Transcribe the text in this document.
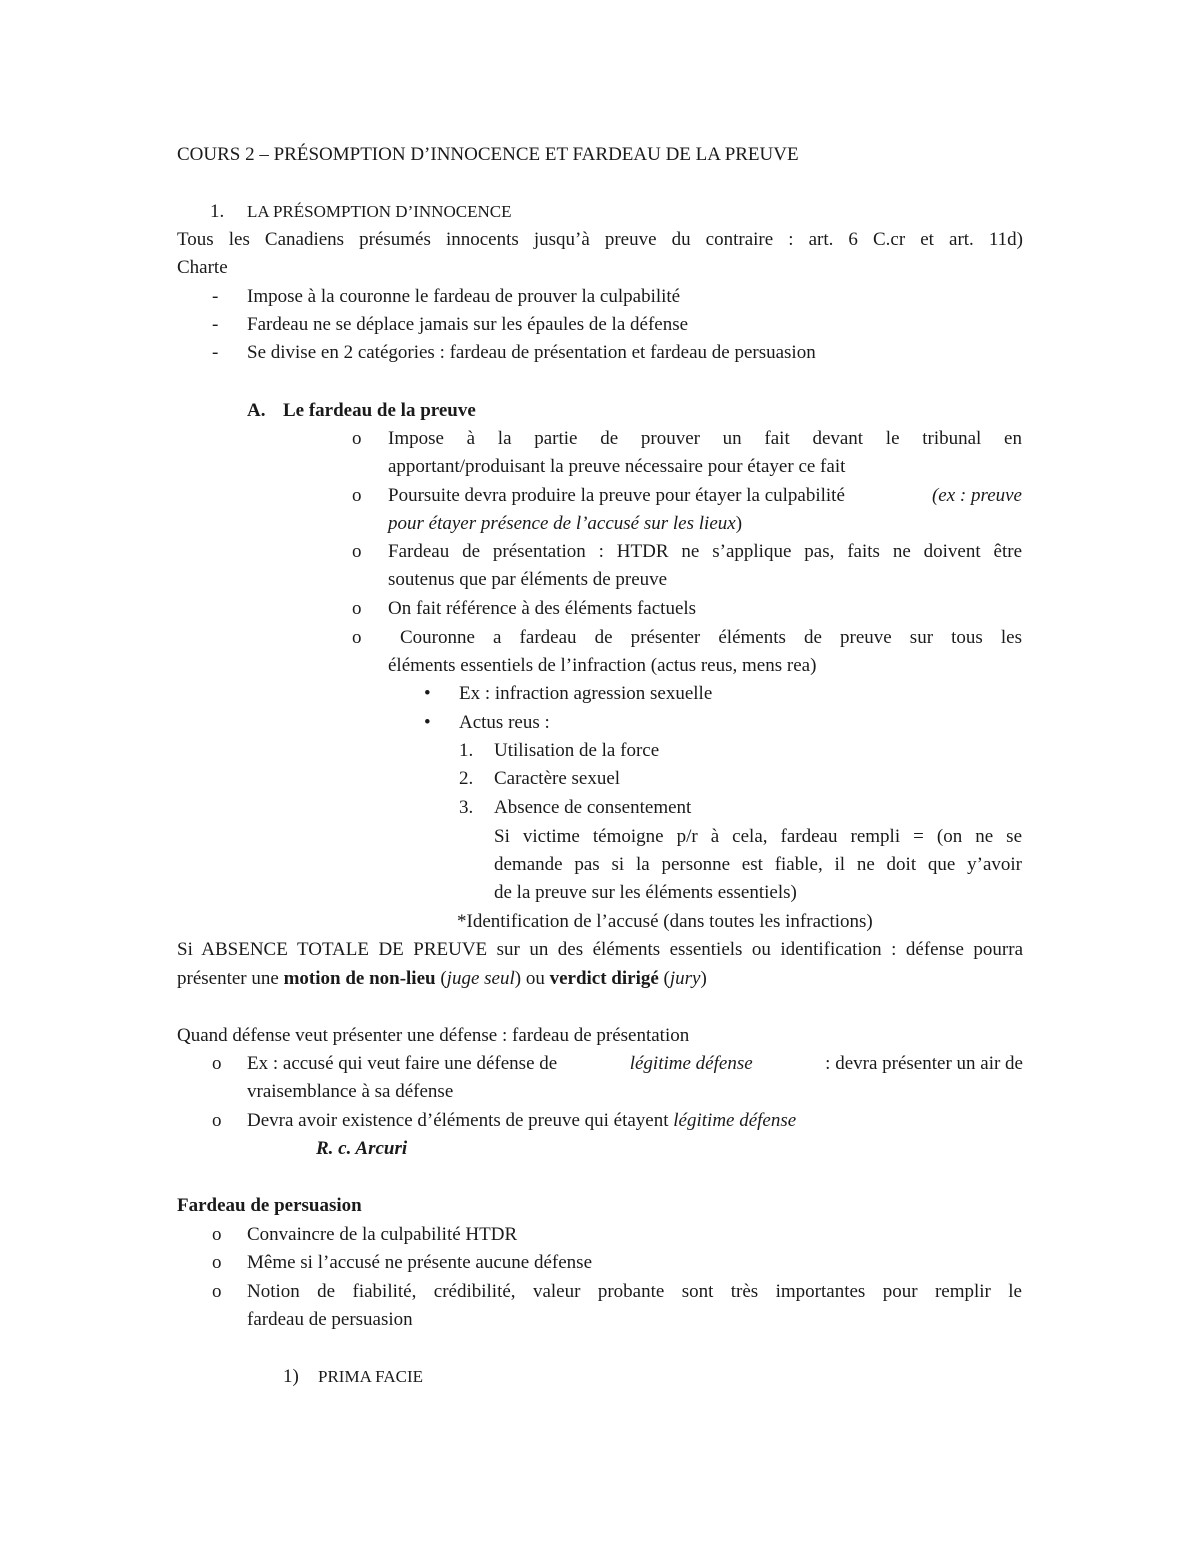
COURS 2 – PRÉSOMPTION D’INNOCENCE ET FARDEAU DE LA PREUVE
1. LA PRÉSOMPTION D’INNOCENCE
Tous les Canadiens présumés innocents jusqu’à preuve du contraire : art. 6 C.cr et art. 11d)
Charte
- Impose à la couronne le fardeau de prouver la culpabilité
- Fardeau ne se déplace jamais sur les épaules de la défense
- Se divise en 2 catégories : fardeau de présentation et fardeau de persuasion
A. Le fardeau de la preuve
o Impose à la partie de prouver un fait devant le tribunal en
apportant/produisant la preuve nécessaire pour étayer ce fait
o Poursuite devra produire la preuve pour étayer la culpabilité	(ex : preuve
pour étayer présence de l’accusé sur les lieux)
o Fardeau de présentation : HTDR ne s’applique pas, faits ne doivent être
soutenus que par éléments de preuve
o On fait référence à des éléments factuels
o Couronne a fardeau de présenter éléments de preuve sur tous les
éléments essentiels de l’infraction (actus reus, mens rea)
• Ex : infraction agression sexuelle
• Actus reus :
1. Utilisation de la force
2. Caractère sexuel
3. Absence de consentement
Si victime témoigne p/r à cela, fardeau rempli = (on ne se
demande pas si la personne est fiable, il ne doit que y’avoir
de la preuve sur les éléments essentiels)
*Identification de l’accusé (dans toutes les infractions)
Si ABSENCE TOTALE DE PREUVE sur un des éléments essentiels ou identification : défense pourra
présenter une motion de non-lieu (juge seul) ou verdict dirigé (jury)
Quand défense veut présenter une défense : fardeau de présentation
o Ex : accusé qui veut faire une défense de	légitime défense	: devra présenter un air de
vraisemblance à sa défense
o Devra avoir existence d’éléments de preuve qui étayent légitime défense
R. c. Arcuri
Fardeau de persuasion
o Convaincre de la culpabilité HTDR
o Même si l’accusé ne présente aucune défense
o Notion de fiabilité, crédibilité, valeur probante sont très importantes pour remplir le
fardeau de persuasion
1) PRIMA FACIE
